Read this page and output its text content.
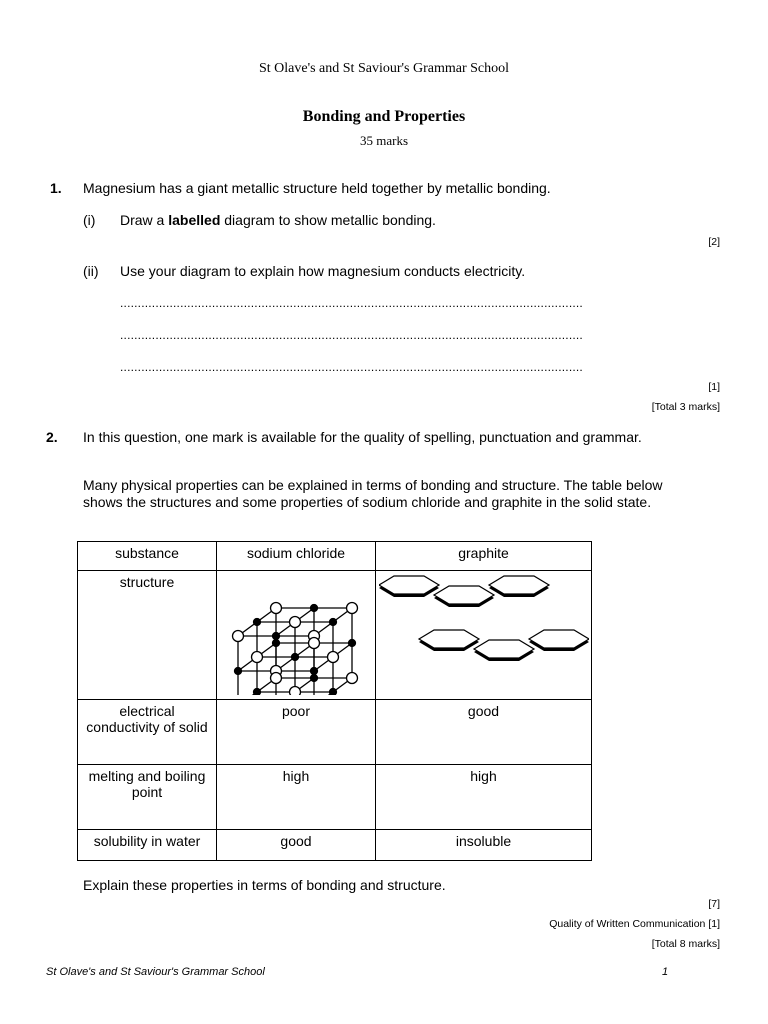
St Olave's and St Saviour's Grammar School
Bonding and Properties
35 marks
1. Magnesium has a giant metallic structure held together by metallic bonding.
(i) Draw a labelled diagram to show metallic bonding.
[2]
(ii) Use your diagram to explain how magnesium conducts electricity.
...................................................................................................................................
...................................................................................................................................
...................................................................................................................................
[1]
[Total 3 marks]
2. In this question, one mark is available for the quality of spelling, punctuation and grammar.
Many physical properties can be explained in terms of bonding and structure. The table below shows the structures and some properties of sodium chloride and graphite in the solid state.
substance	sodium chloride	graphite
structure		
electrical conductivity of solid	poor	good
melting and boiling point	high	high
solubility in water	good	insoluble
Explain these properties in terms of bonding and structure.
[7]
Quality of Written Communication [1]
[Total 8 marks]
St Olave's and St Saviour's Grammar School	1
